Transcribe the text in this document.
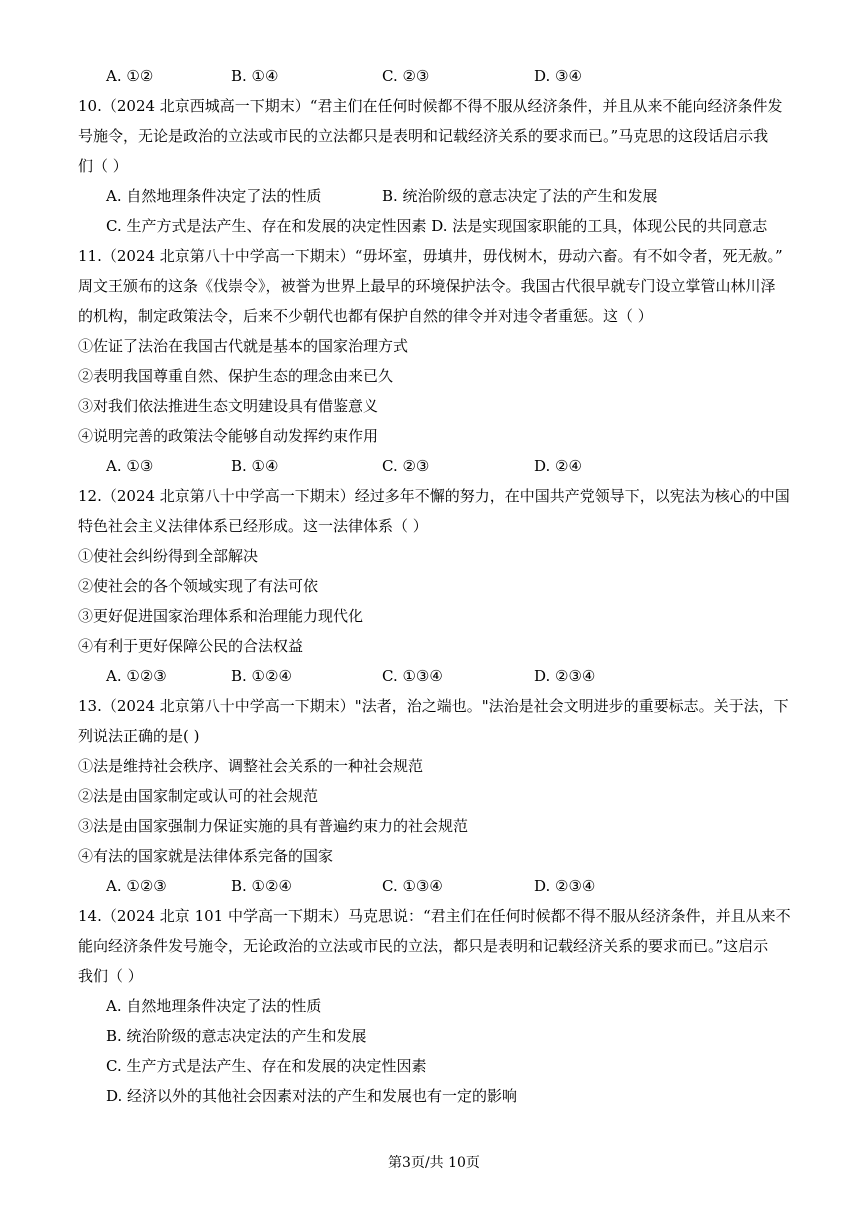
A. ①②	B. ①④	C. ②③	D. ③④
10.（2024 北京西城高一下期末）“君主们在任何时候都不得不服从经济条件，并且从来不能向经济条件发
号施令，无论是政治的立法或市民的立法都只是表明和记载经济关系的要求而已。”马克思的这段话启示我
们（ ）
A. 自然地理条件决定了法的性质	B. 统治阶级的意志决定了法的产生和发展
C. 生产方式是法产生、存在和发展的决定性因素 D. 法是实现国家职能的工具，体现公民的共同意志
11.（2024 北京第八十中学高一下期末）“毋坏室，毋填井，毋伐树木，毋动六畜。有不如令者，死无赦。”
周文王颁布的这条《伐崇令》，被誉为世界上最早的环境保护法令。我国古代很早就专门设立掌管山林川泽
的机构，制定政策法令，后来不少朝代也都有保护自然的律令并对违令者重惩。这（ ）
①佐证了法治在我国古代就是基本的国家治理方式
②表明我国尊重自然、保护生态的理念由来已久
③对我们依法推进生态文明建设具有借鉴意义
④说明完善的政策法令能够自动发挥约束作用
A. ①③	B. ①④	C. ②③	D. ②④
12.（2024 北京第八十中学高一下期末）经过多年不懈的努力，在中国共产党领导下，以宪法为核心的中国
特色社会主义法律体系已经形成。这一法律体系（ ）
①使社会纠纷得到全部解决
②使社会的各个领域实现了有法可依
③更好促进国家治理体系和治理能力现代化
④有利于更好保障公民的合法权益
A. ①②③	B. ①②④	C. ①③④	D. ②③④
13.（2024 北京第八十中学高一下期末）"法者，治之端也。"法治是社会文明进步的重要标志。关于法，下
列说法正确的是( )
①法是维持社会秩序、调整社会关系的一种社会规范
②法是由国家制定或认可的社会规范
③法是由国家强制力保证实施的具有普遍约束力的社会规范
④有法的国家就是法律体系完备的国家
A. ①②③	B. ①②④	C. ①③④	D. ②③④
14.（2024 北京 101 中学高一下期末）马克思说：“君主们在任何时候都不得不服从经济条件，并且从来不
能向经济条件发号施令，无论政治的立法或市民的立法，都只是表明和记载经济关系的要求而已。”这启示
我们（ ）
A. 自然地理条件决定了法的性质
B. 统治阶级的意志决定法的产生和发展
C. 生产方式是法产生、存在和发展的决定性因素
D. 经济以外的其他社会因素对法的产生和发展也有一定的影响
第3页/共 10页
